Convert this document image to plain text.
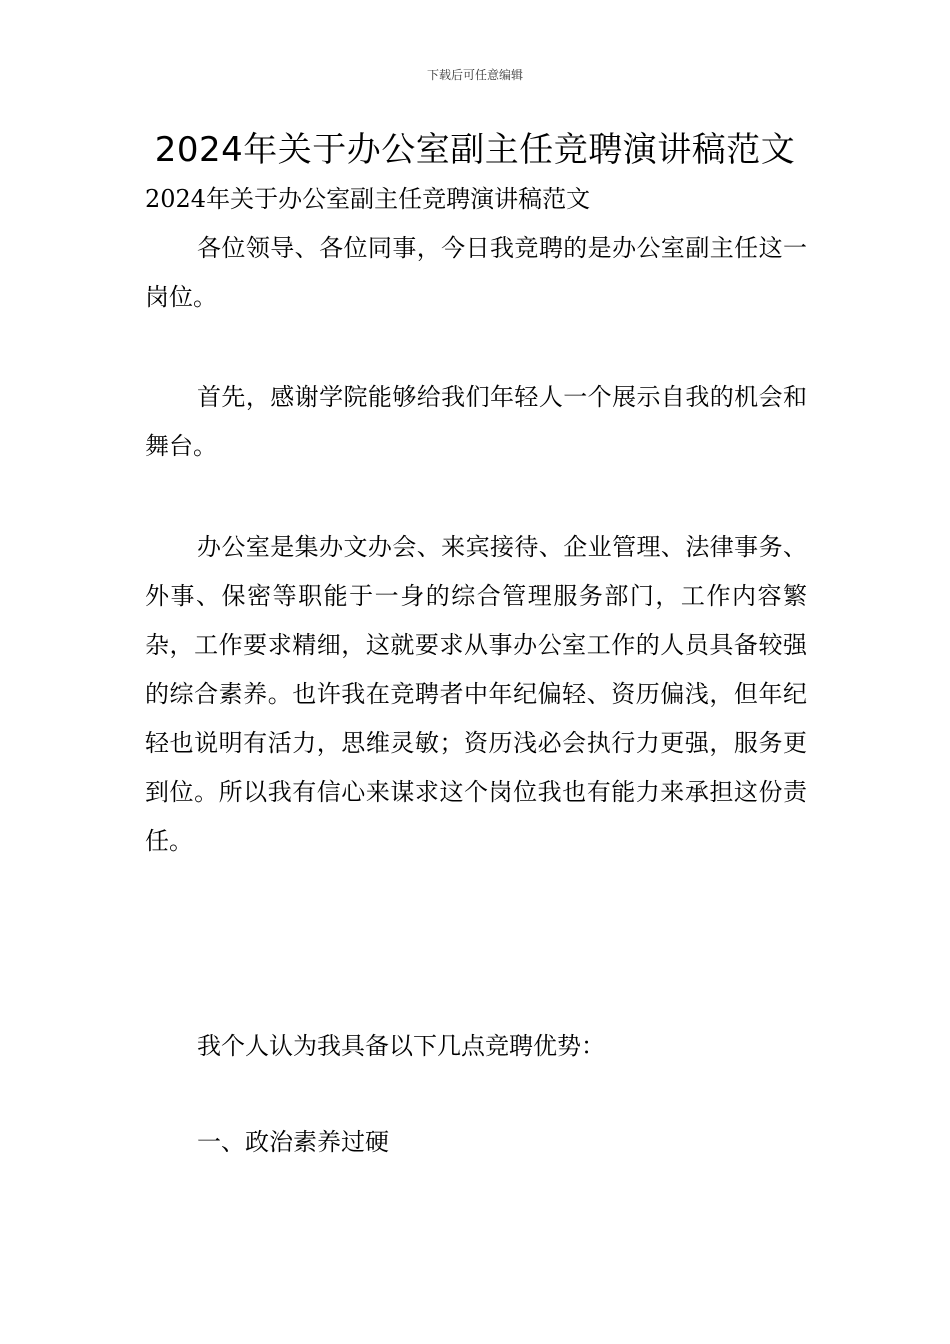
下载后可任意编辑
2024年关于办公室副主任竞聘演讲稿范文

2024年关于办公室副主任竞聘演讲稿范文

各位领导、各位同事，今日我竞聘的是办公室副主任这一岗位。

首先，感谢学院能够给我们年轻人一个展示自我的机会和舞台。

办公室是集办文办会、来宾接待、企业管理、法律事务、外事、保密等职能于一身的综合管理服务部门，工作内容繁杂，工作要求精细，这就要求从事办公室工作的人员具备较强的综合素养。也许我在竞聘者中年纪偏轻、资历偏浅，但年纪轻也说明有活力，思维灵敏；资历浅必会执行力更强，服务更到位。所以我有信心来谋求这个岗位我也有能力来承担这份责任。

我个人认为我具备以下几点竞聘优势：

一、政治素养过硬
